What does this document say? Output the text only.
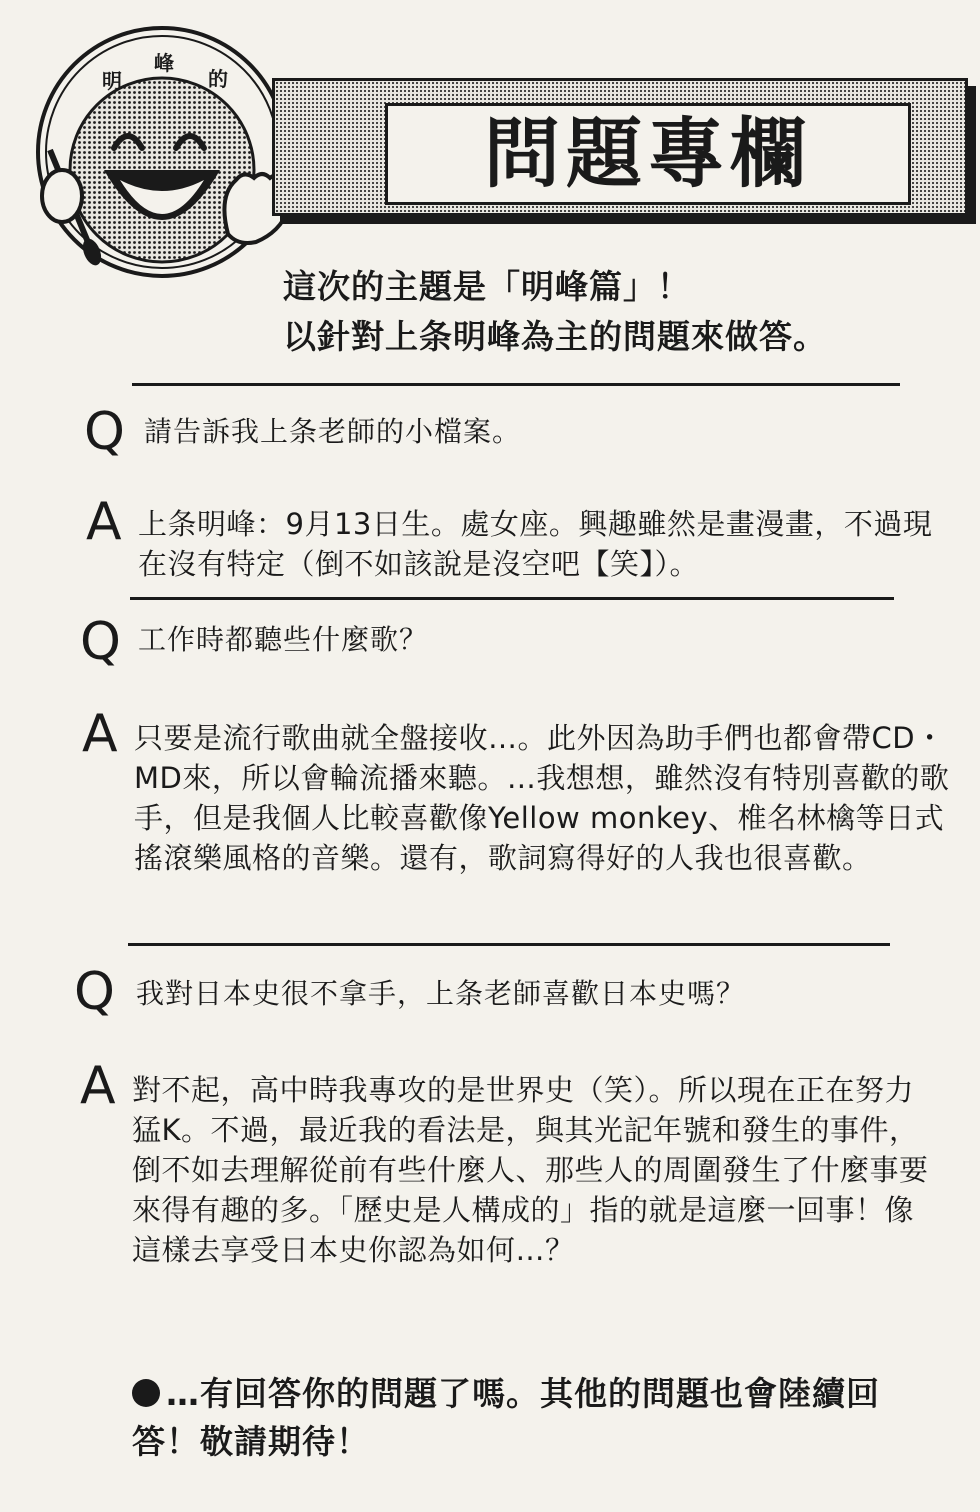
明
峰
的
問題專欄
這次的主題是「明峰篇」！
以針對上条明峰為主的問題來做答。
Q 請告訴我上条老師的小檔案。
A 上条明峰：9月13日生。處女座。興趣雖然是畫漫畫，不過現在沒有特定（倒不如該說是沒空吧【笑】）。
Q 工作時都聽些什麼歌？
A 只要是流行歌曲就全盤接收…。此外因為助手們也都會帶CD・MD來，所以會輪流播來聽。…我想想，雖然沒有特別喜歡的歌手，但是我個人比較喜歡像Yellow monkey、椎名林檎等日式搖滾樂風格的音樂。還有，歌詞寫得好的人我也很喜歡。
Q 我對日本史很不拿手，上条老師喜歡日本史嗎？
A 對不起，高中時我專攻的是世界史（笑）。所以現在正在努力猛K。不過，最近我的看法是，與其光記年號和發生的事件，倒不如去理解從前有些什麼人、那些人的周圍發生了什麼事要來得有趣的多。「歷史是人構成的」指的就是這麼一回事！像這樣去享受日本史你認為如何…？
…有回答你的問題了嗎。其他的問題也會陸續回答！敬請期待！
